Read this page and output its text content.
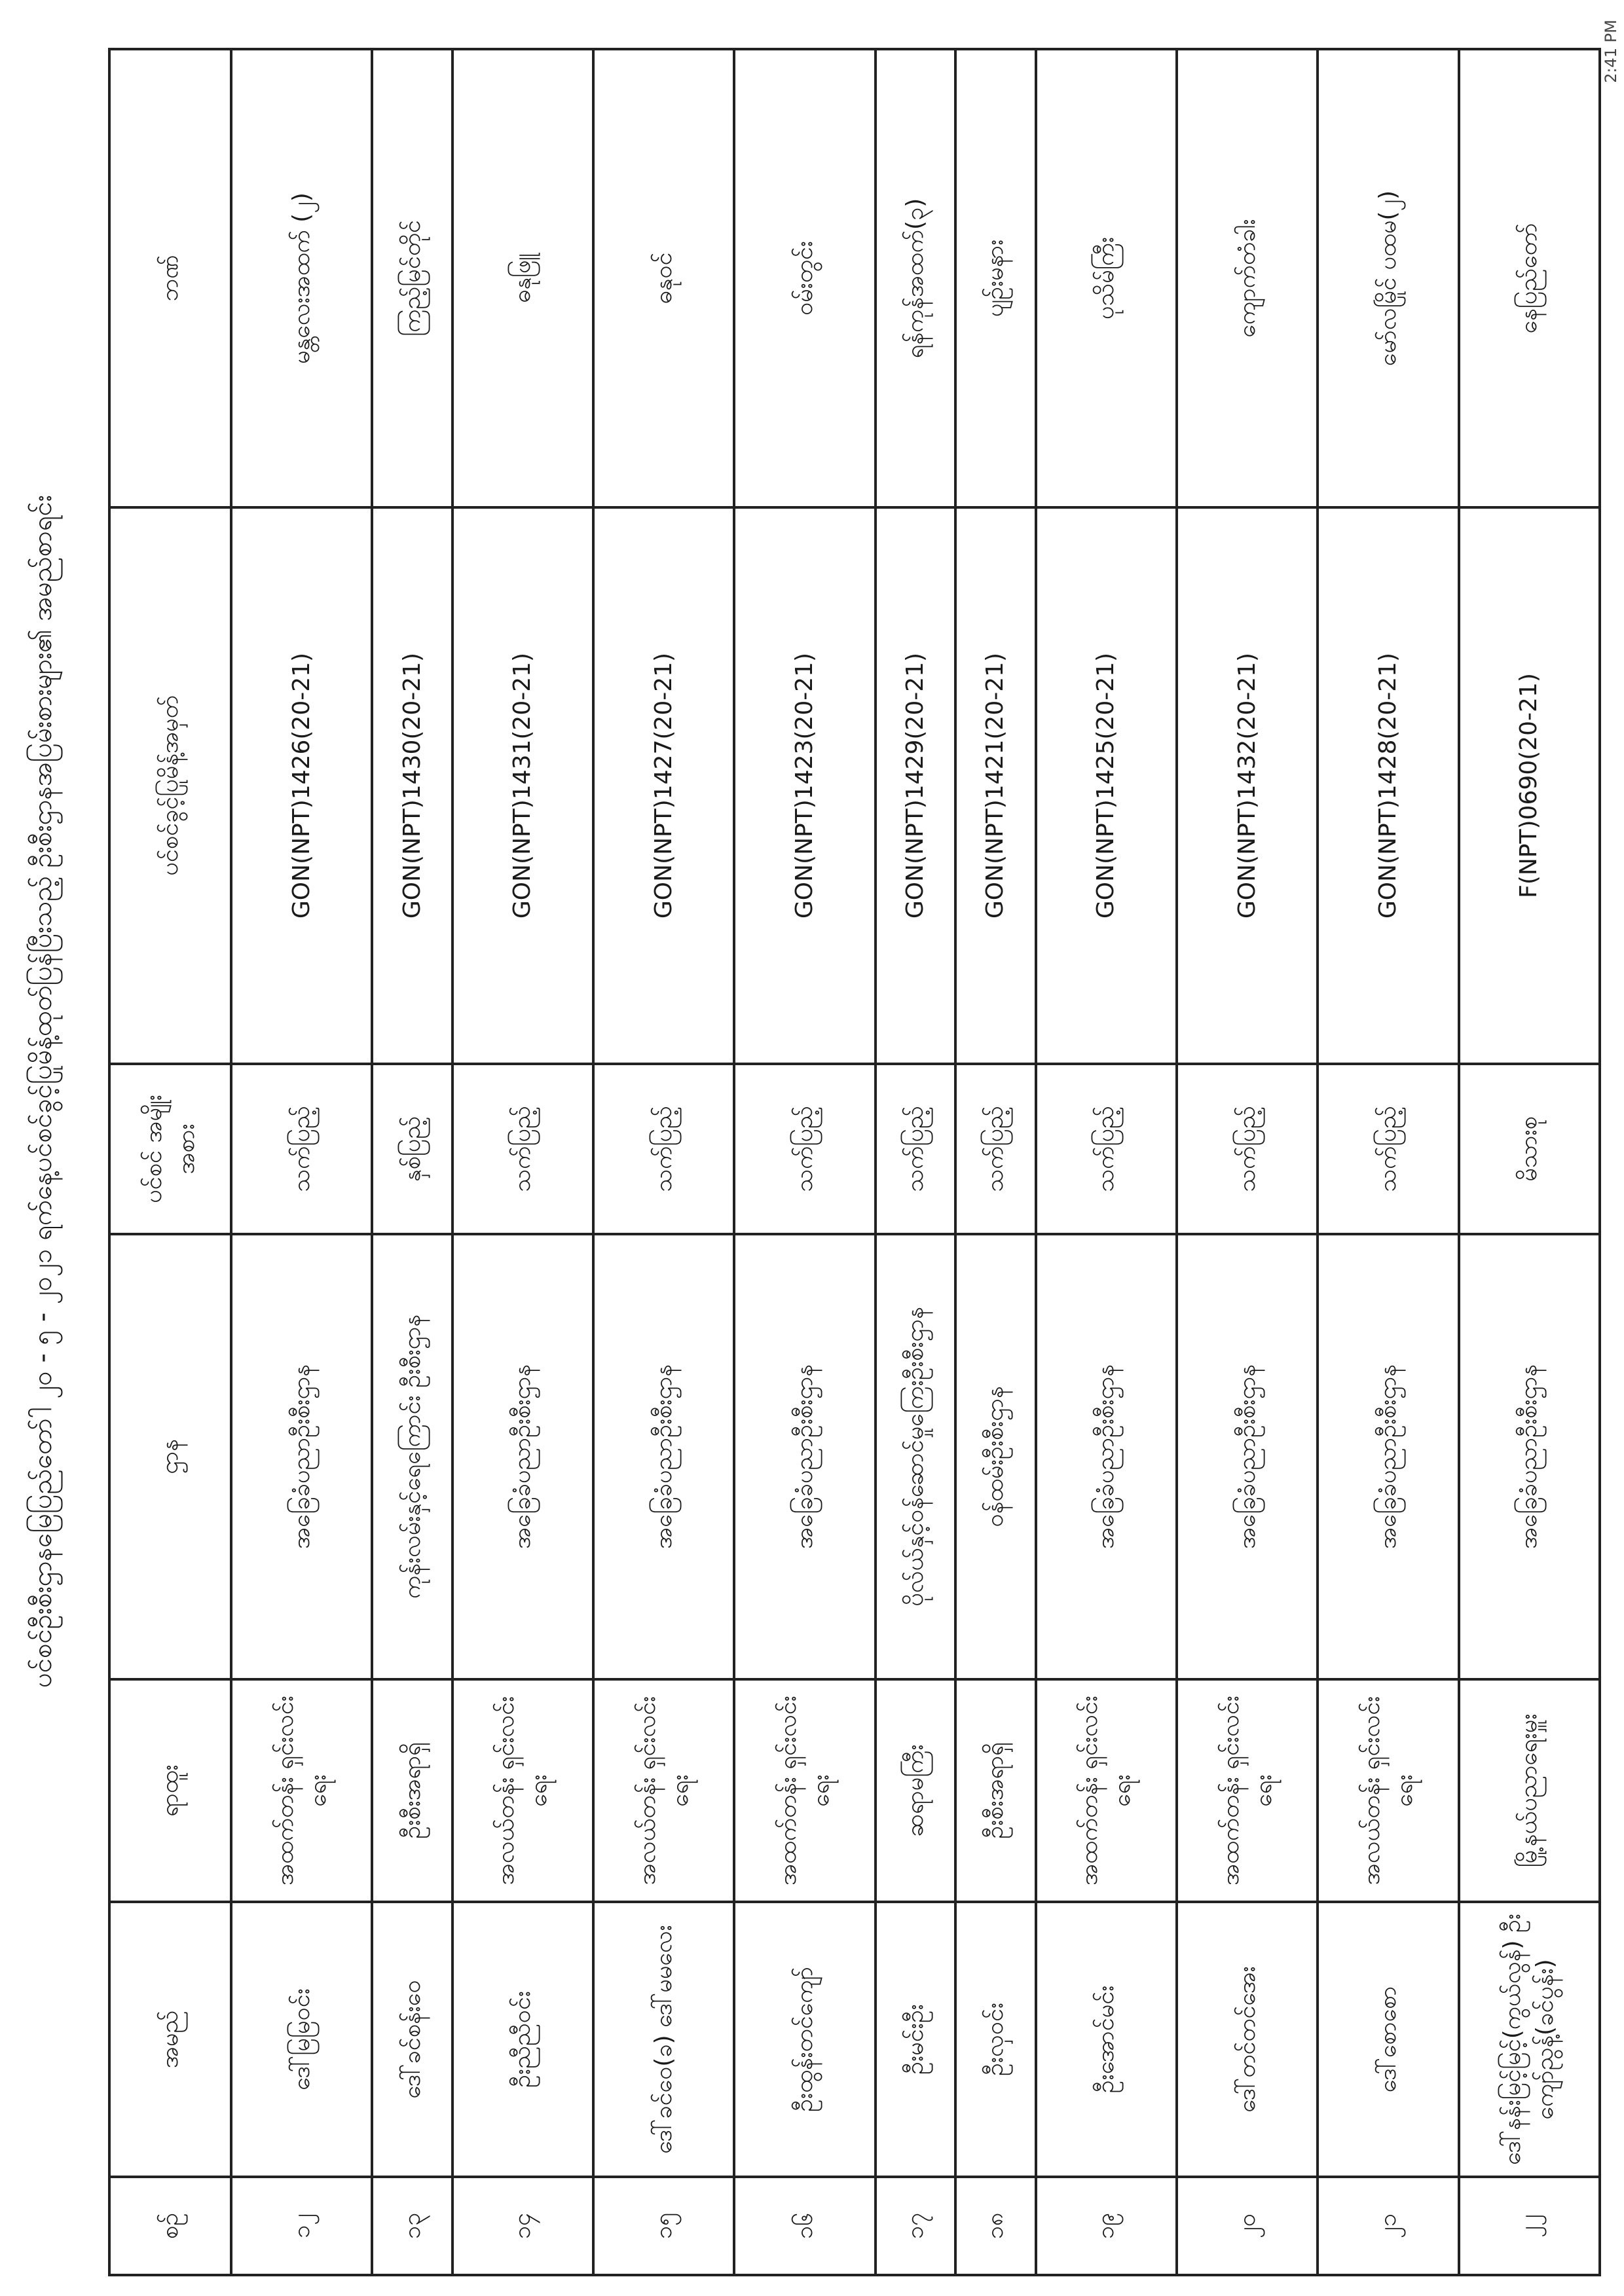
ပင်စင်ဦးစီးဌာနမြေပြည်တော်ါ ၂၀ - ၅ - ၂၀၂၁ ရက်နေ့ပင်စင်ခွင့်ပြုမိန့်ထုတ်ပြန်ပြီးသည့် ဦးစီးဌာနအပြမ်းစားများ၏ အမည်စာရင်း
စဉ်	အမည်	ရာထူး	ဌာန	ပင်စင် အမျိုးအစား	ပင်စင်ခွင့်ပြုမိန့်အမှတ်	ဘဏ်
၁၂	ဒေါ်မြမြဝင်း	အထက်တန်း ရှင်းလင်းရေး	အခြေခံပညာဦးစီးဌာန	သက်ပြည့်	GON(NPT)1426(20-21)	မန္တလေးအထက် (၂)
၁၃	ဒေါ်ခင်စန်းဝေ	ဦးစီးအရာရှိ	ကုန်းလမ်းနှင့်ရေကြောင်း ဦးစီးဌာန	နှစ်ပြည့်	GON(NPT)1430(20-21)	ကြည့်မြင်တိုင်
၁၄	ဦးညီညီဝင်း	အလယ်တန်း ရှင်းလင်းရေး	အခြေခံပညာဦးစီးဌာန	သက်ပြည့်	GON(NPT)1431(20-21)	ဓနုဖြူ
၁၅	ဒေါ်ခင်ဝေ(ခ) ဒေါ်မမလေး	အလယ်တန်း ရှင်းလင်းရေး	အခြေခံပညာဦးစီးဌာန	သက်ပြည့်	GON(NPT)1427(20-21)	ဓနုဝင်
၁၆	ဦးထွန်းတင်ကျော်	အထက်တန်း ရှင်းလင်းရေး	အခြေခံပညာဦးစီးဌာန	သက်ပြည့်	GON(NPT)1423(20-21)	ဝမ်းတွင်း
၁၇	ဦးမင်းဦး	ဆရာမကြီး	ပိုလ်ယ်နှင့်ဝန်ဆောင်မှုကြေးဦးစီးဌာန	သက်ပြည့်	GON(NPT)1429(20-21)	ရန်ကုန်အထက်(၃)
၁၈	ဦးလှဝင်း	ဦးစီးအရာရှိ	ဝန်ထမ်းဦးစီးဌာန	သက်ပြည့်	GON(NPT)1421(20-21)	ပျဉ်းမနား
၁၉	ဦးအောင်မင်း	အထက်တန်း ရှင်းလင်းရေး	အခြေခံပညာဦးစီးဌာန	သက်ပြည့်	GON(NPT)1425(20-21)	ပုသိမ်ကြီး
၂၀	ဒေါ်တင်တင်အေး	အထက်တန်း ရှင်းလင်းရေး	အခြေခံပညာဦးစီးဌာန	သက်ပြည့်	GON(NPT)1432(20-21)	ကျောက်တံခါး
၂၁	ဒေါ်စောစော	အလယ်တန်း ရှင်းလင်းရေး	အခြေခံပညာဦးစီးဌာန	သက်ပြည့်	GON(NPT)1428(20-21)	မော်လမြိုင် ပထမ(၂)
၂၂	ဒေါ်နန်းမြင့်မြင့်(ကွယ်လွန်) ဦးကျော်ညွန့်(ခင်ပွန်း)	မြို့နယ်ပညာရေးမှူး	အခြေခံပညာဦးစီးဌာန	မိသားစု	F(NPT)0690(20-21)	နေပြည်တော်
2:41 PM
